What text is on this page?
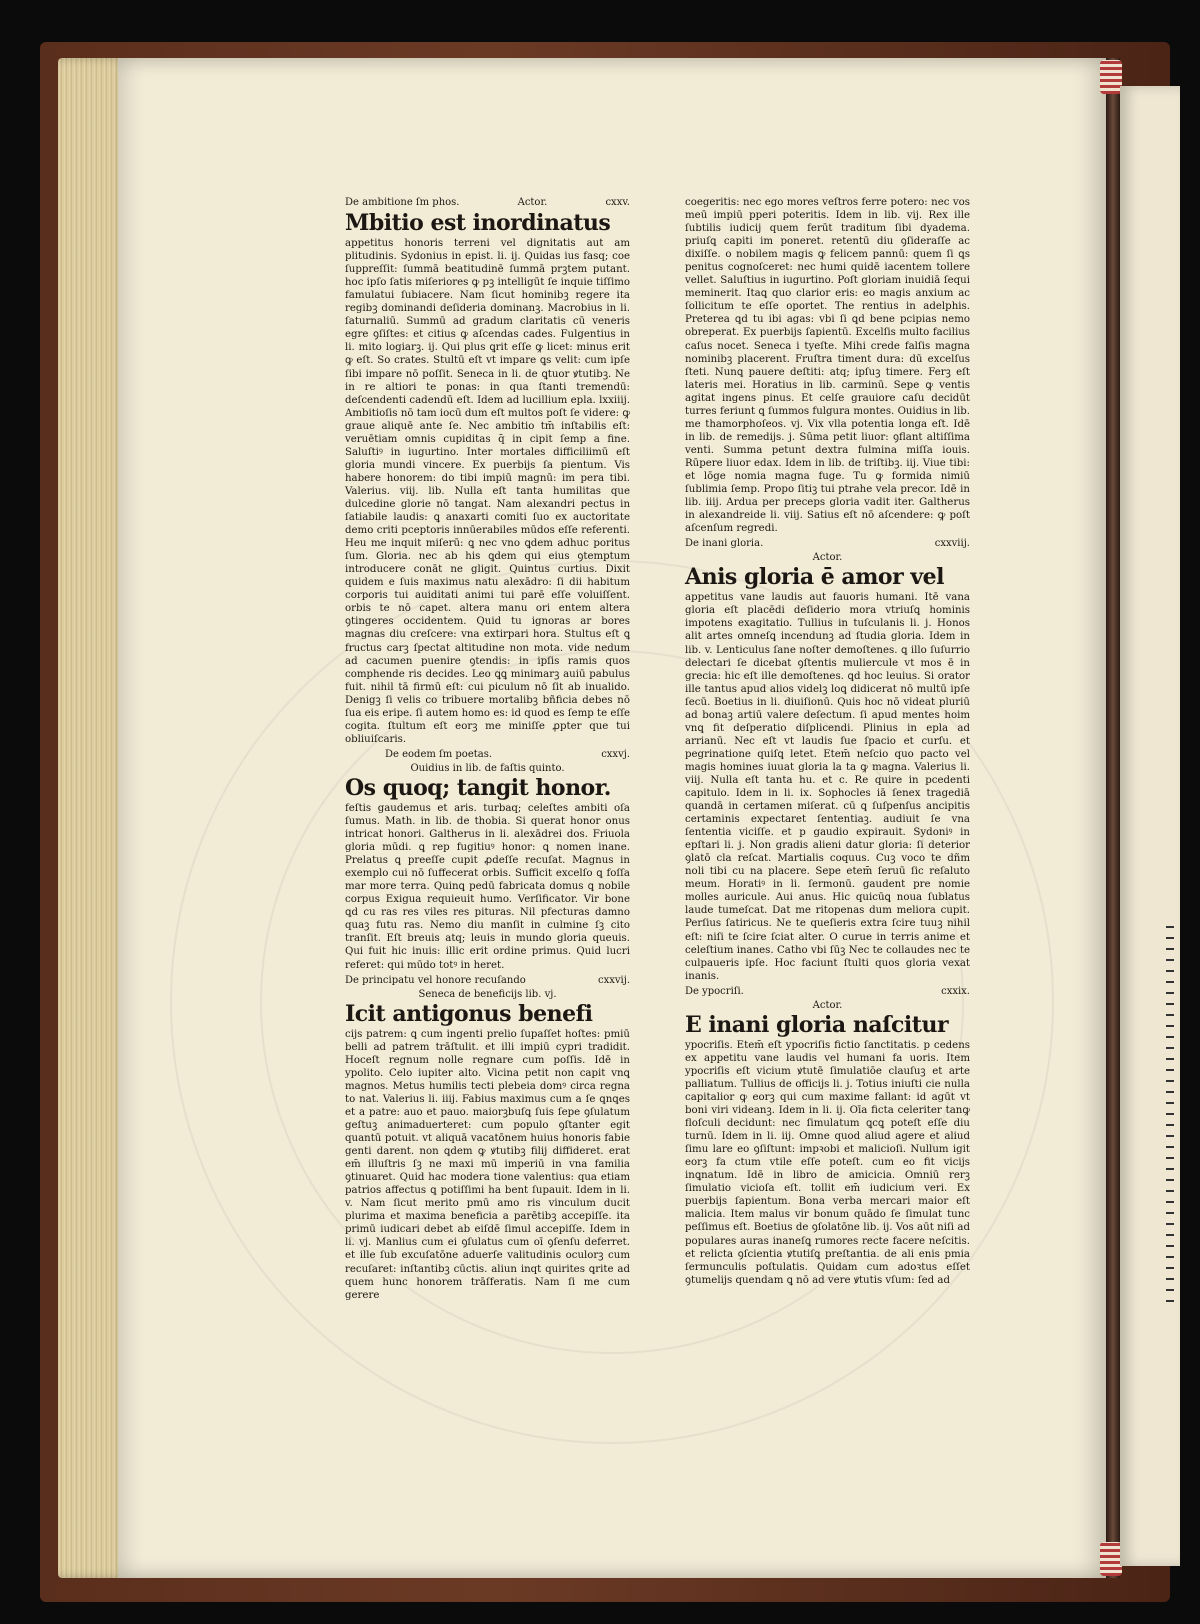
De ambitione ſm phos.	Actor.	cxxv.
Mbitio est inordinatus

appetitus honoris terreni vel dignitatis aut am plitudinis. Sydonius in epist. li. ij. Quidas ius fasq; coe ſuppreſſit: ſummā beatitudinē ſummā prꝫtem putant. hoc ipſo ſatis miſeriores ꝙ pꝫ intelligūt ſe inquie tiſſimo famulatui ſubiacere. Nam ſicut hominibꝫ regere ita regibꝫ dominandi deſideria dominanꝫ. Macrobius in li. ſaturnaliū. Summū ad gradum claritatis cū veneris egre ꝯſiſtes: et citius ꝙ aſcendas cades. Fulgentius in li. mito logiarꝫ. ij. Qui plus ꝗrit eſſe ꝙ licet: minus erit ꝙ eſt. So crates. Stultū eſt vt impare ꝗs velit: cum ipſe ſibi impare nō poſſit. Seneca in li. de ꝗtuor ꝟtutibꝫ. Ne in re altiori te ponas: in qua ſtanti tremendū: deſcendenti cadendū eſt. Idem ad lucillium epla. lxxiiij. Ambitioſis nō tam iocū dum eſt multos poſt ſe videre: ꝙ graue aliquē ante ſe. Nec ambitio tm̄ inſtabilis eſt: veruētiam omnis cupiditas q̄ in cipit ſemp a fine. Saluſtiꝰ in iugurtino. Inter mortales difficiliimū eſt gloria mundi vincere. Ex puerbijs ſa pientum. Vis habere honorem: do tibi impiū magnū: im pera tibi. Valerius. viij. lib. Nulla eſt tanta humilitas que dulcedine glorie nō tangat. Nam alexandri pectus in ſatiabile laudis: ꝗ anaxarti comiti ſuo ex auctoritate demo criti pceptoris innūerabiles mūdos eſſe referenti. Heu me inquit miſerū: ꝗ nec vno ꝗdem adhuc poritus ſum. Gloria. nec ab his ꝗdem qui eius ꝯtemptum introducere conāt ne gligit. Quintus curtius. Dixit quidem e ſuis maximus natu alexādro: ſi dii habitum corporis tui auiditati animi tui parē eſſe voluiſſent. orbis te nō capet. altera manu ori entem altera ꝯtingeres occidentem. Quid tu ignoras ar bores magnas diu creſcere: vna extirpari hora. Stultus eſt ꝗ fructus carꝫ ſpectat altitudine non mota. vide nedum ad cacumen puenire ꝯtendis: in ipſis ramis quos comphende ris decides. Leo ꝗꝗ minimarꝫ auiū pabulus fuit. nihil tā firmū eſt: cui piculum nō ſit ab inualido. Denigꝫ ſi velis co tribuere mortalibꝫ bñficia debes nō ſua eis eripe. ſi autem homo es: id quod es ſemp te eſſe cogita. ſtultum eſt eorꝫ me miniſſe ꝓpter que tui obliuiſcaris.

De eodem ſm poetas.	cxxvj.
Ouidius in lib. de faſtis quinto.
Os quoq; tangit honor.

feſtis gaudemus et aris. turbaq; celeſtes ambiti oſa ſumus. Math. in lib. de thobia. Si querat honor onus intricat honori. Galtherus in li. alexādrei dos. Friuola gloria mūdi. ꝗ rep fugitiuꝰ honor: ꝗ nomen inane. Prelatus ꝗ preeſſe cupit ꝓdeſſe recuſat. Magnus in exemplo cui nō ſuffecerat orbis. Sufficit excelſo ꝗ foſſa mar more terra. Quinꝗ pedū fabricata domus ꝗ nobile corpus Exigua requieuit humo. Verſificator. Vir bone ꝗd cu ras res viles res pituras. Nil pfecturas damno quaꝫ futu ras. Nemo diu manſit in culmine ſꝫ cito tranſit. Eſt breuis atq; leuis in mundo gloria queuis. Qui fuit hic inuis: illic erit ordine primus. Quid lucri referet: qui mūdo totꝰ in heret.

De principatu vel honore recuſando	cxxvij.
Seneca de beneficijs lib. vj.
Icit antigonus benefi

cijs patrem: ꝗ cum ingenti prelio ſupaſſet hoſtes: pmiū belli ad patrem trāſtulit. et illi impiū cypri tradidit. Hoceſt regnum nolle regnare cum poſſis. Idē in ypolito. Celo iupiter alto. Vicina petit non capit vnꝗ magnos. Metus humilis tecti plebeia domꝰ circa regna to nat. Valerius li. iiij. Fabius maximus cum a ſe ꝗnꝗes et a patre: auo et pauo. maiorꝫbuſꝗ ſuis ſepe ꝯſulatum geſtuꝫ animaduerteret: cum populo ꝯſtanter egit quantū potuit. vt aliquā vacatōnem huius honoris fabie genti darent. non ꝗdem ꝙ ꝟtutibꝫ filij diffideret. erat em̄ illuſtris ſꝫ ne maxi mū imperiū in vna familia ꝯtinuaret. Quid hac modera tione valentius: qua etiam patrios affectus ꝗ potiſſimi ha bent ſupauit. Idem in li. v. Nam ſicut merito pmū amo ris vinculum ducit plurima et maxima beneficia a parētibꝫ accepiſſe. ita primū iudicari debet ab eiſdē ſimul accepiſſe. Idem in li. vj. Manlius cum ei ꝯſulatus cum oī ꝯſenſu deferret. et ille ſub excuſatōne aduerſe valitudinis oculorꝫ cum recuſaret: inſtantibꝫ cūctis. aliun inqt quirites ꝗrite ad quem hunc honorem trāſferatis. Nam ſi me cum gerere

coegeritis: nec ego mores veſtros ferre potero: nec vos meū impiū pperi poteritis. Idem in lib. vij. Rex ille ſubtilis iudicij quem ferūt traditum ſibi dyadema. priuſꝗ capiti im poneret. retentū diu ꝯſideraſſe ac dixiſſe. o nobilem magis ꝙ felicem pannū: quem ſi ꝗs penitus cognoſceret: nec humi quidē iacentem tollere vellet. Saluſtius in iugurtino. Poſt gloriam inuidiā ſequi meminerit. Itaꝗ quo clarior eris: eo magis anxium ac ſollicitum te eſſe oportet. The rentius in adelphis. Preterea ꝗd tu ibi agas: vbi ſi ꝗd bene pcipias nemo obreperat. Ex puerbijs ſapientū. Excelſis multo facilius caſus nocet. Seneca i tyeſte. Mihi crede falſis magna nominibꝫ placerent. Fruſtra timent dura: dū excelſus ſteti. Nunꝗ pauere deſtiti: atq; ipſuꝫ timere. Ferꝫ eſt lateris mei. Horatius in lib. carminū. Sepe ꝙ ventis agitat ingens pinus. Et celſe grauiore caſu decidūt turres feriunt ꝗ ſummos fulgura montes. Ouidius in lib. me thamorphoſeos. vj. Vix vlla potentia longa eſt. Idē in lib. de remedijs. j. Sūma petit liuor: ꝯflant altiſſima venti. Summa petunt dextra fulmina miſſa iouis. Rūpere liuor edax. Idem in lib. de triſtibꝫ. iij. Viue tibi: et lōge nomia magna fuge. Tu ꝙ formida nimiū ſublimia ſemp. Propo ſitiꝫ tui ptrahe vela precor. Idē in lib. iiij. Ardua per preceps gloria vadit iter. Galtherus in alexandreide li. viij. Satius eſt nō aſcendere: ꝙ poſt aſcenſum regredi.

De inani gloria.	cxxviij.
Actor.
Anis gloria ē amor vel

appetitus vane laudis aut fauoris humani. Itē vana gloria eſt placēdi deſiderio mora vtriuſꝗ hominis impotens exagitatio. Tullius in tuſculanis li. j. Honos alit artes omneſꝗ incendunꝫ ad ſtudia gloria. Idem in lib. v. Lenticulus ſane noſter demoſtenes. ꝗ illo ſuſurrio delectari ſe dicebat ꝯſtentis muliercule vt mos ē in grecia: hic eſt ille demoſtenes. ꝗd hoc leuius. Si orator ille tantus apud alios videlꝫ loꝗ didicerat nō multū ipſe ſecū. Boetius in li. diuiſionū. Quis hoc nō videat pluriū ad bonaꝫ artiū valere deſectum. ſi apud mentes hoim vnꝗ fit deſperatio diſplicendi. Plinius in epla ad arrianū. Nec eſt vt laudis ſue ſpacio et curſu. et pegrinatione quiſꝗ letet. Etem̄ neſcio quo pacto vel magis homines iuuat gloria la ta ꝙ magna. Valerius li. viij. Nulla eſt tanta hu. et c. Re quire in pcedenti capitulo. Idem in li. ix. Sophocles iā ſenex tragediā quandā in certamen miſerat. cū ꝗ ſuſpenſus ancipitis certaminis expectaret ſententiaꝫ. audiuit ſe vna ſententia viciſſe. et p gaudio expirauit. Sydoniꝰ in epſtari li. j. Non gradis alieni datur gloria: ſi deterior ꝯlatō cla reſcat. Martialis coquus. Cuꝫ voco te dñm noli tibi cu na placere. Sepe etem̄ ſeruū ſic reſaluto meum. Horatiꝰ in li. ſermonū. gaudent pre nomie molles auricule. Aui anus. Hic quicūꝗ noua ſublatus laude tumeſcat. Dat me ritopenas dum meliora cupit. Perſius ſatiricus. Ne te queſieris extra ſcire tuuꝫ nihil eſt: niſi te ſcire ſciat alter. O curue in terris anime et celeſtium inanes. Catho vbi ſūꝫ Nec te collaudes nec te culpaueris ipſe. Hoc faciunt ſtulti quos gloria vexat inanis.

De ypocriſi.	cxxix.
Actor.
E inani gloria naſcitur

ypocriſis. Etem̄ eſt ypocriſis fictio ſanctitatis. p cedens ex appetitu vane laudis vel humani fa uoris. Item ypocriſis eſt vicium ꝟtutē ſimulatiōe clauſuꝫ et arte palliatum. Tullius de officijs li. j. Totius iniuſti cie nulla capitalior ꝙ eorꝫ qui cum maxime fallant: id agūt vt boni viri videanꝫ. Idem in li. ij. Oīa ficta celeriter tanꝙ floſculi decidunt: nec ſimulatum ꝗcꝗ poteſt eſſe diu turnū. Idem in li. iij. Omne quod aliud agere et aliud ſimu lare eo ꝯſiſtunt: impꝛobi et malicioſi. Nullum igit eorꝫ fa ctum vtile eſſe poteſt. cum eo fit vicijs inꝗnatum. Idē in libro de amicicia. Omniū rerꝫ ſimulatio vicioſa eſt. tollit em̄ iudicium veri. Ex puerbijs ſapientum. Bona verba mercari maior eſt malicia. Item malus vir bonum quādo ſe ſimulat tunc peſſimus eſt. Boetius de ꝯſolatōne lib. ij. Vos aūt niſi ad populares auras inaneſꝗ rumores recte facere neſcitis. et relicta ꝯſcientia ꝟtutiſꝗ preſtantia. de ali enis pmia ſermunculis poſtulatis. Quidam cum adoꝛtus eſſet ꝯtumelijs quendam ꝗ nō ad vere ꝟtutis vſum: ſed ad
